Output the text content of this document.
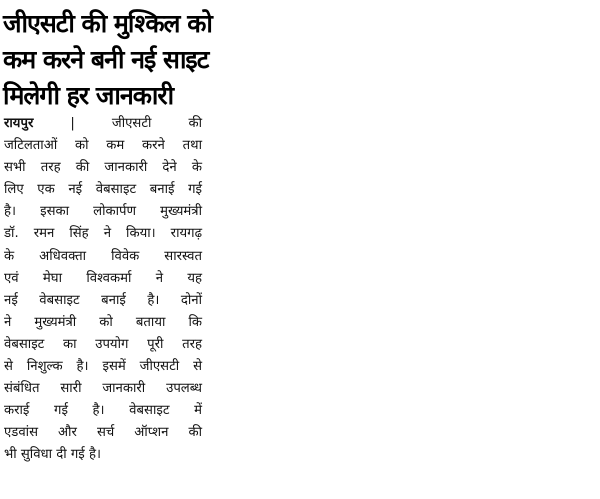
जीएसटी की मुश्किल को
कम करने बनी नई साइट
मिलेगी हर जानकारी
रायपुर	|	जीएसटी की
जटिलताओं को कम करने तथा
सभी तरह की जानकारी देने के
लिए एक नई वेबसाइट बनाई गई
है। इसका लोकार्पण मुख्यमंत्री
डॉ. रमन सिंह ने किया। रायगढ़
के अधिवक्ता विवेक सारस्वत
एवं मेघा विश्वकर्मा ने यह
नई वेबसाइट बनाई है। दोनों
ने मुख्यमंत्री को बताया कि
वेबसाइट का उपयोग पूरी तरह
से निशुल्क है। इसमें जीएसटी से
संबंधित सारी जानकारी उपलब्ध
कराई गई है। वेबसाइट में
एडवांस और सर्च ऑप्शन की
भी सुविधा दी गई है।
